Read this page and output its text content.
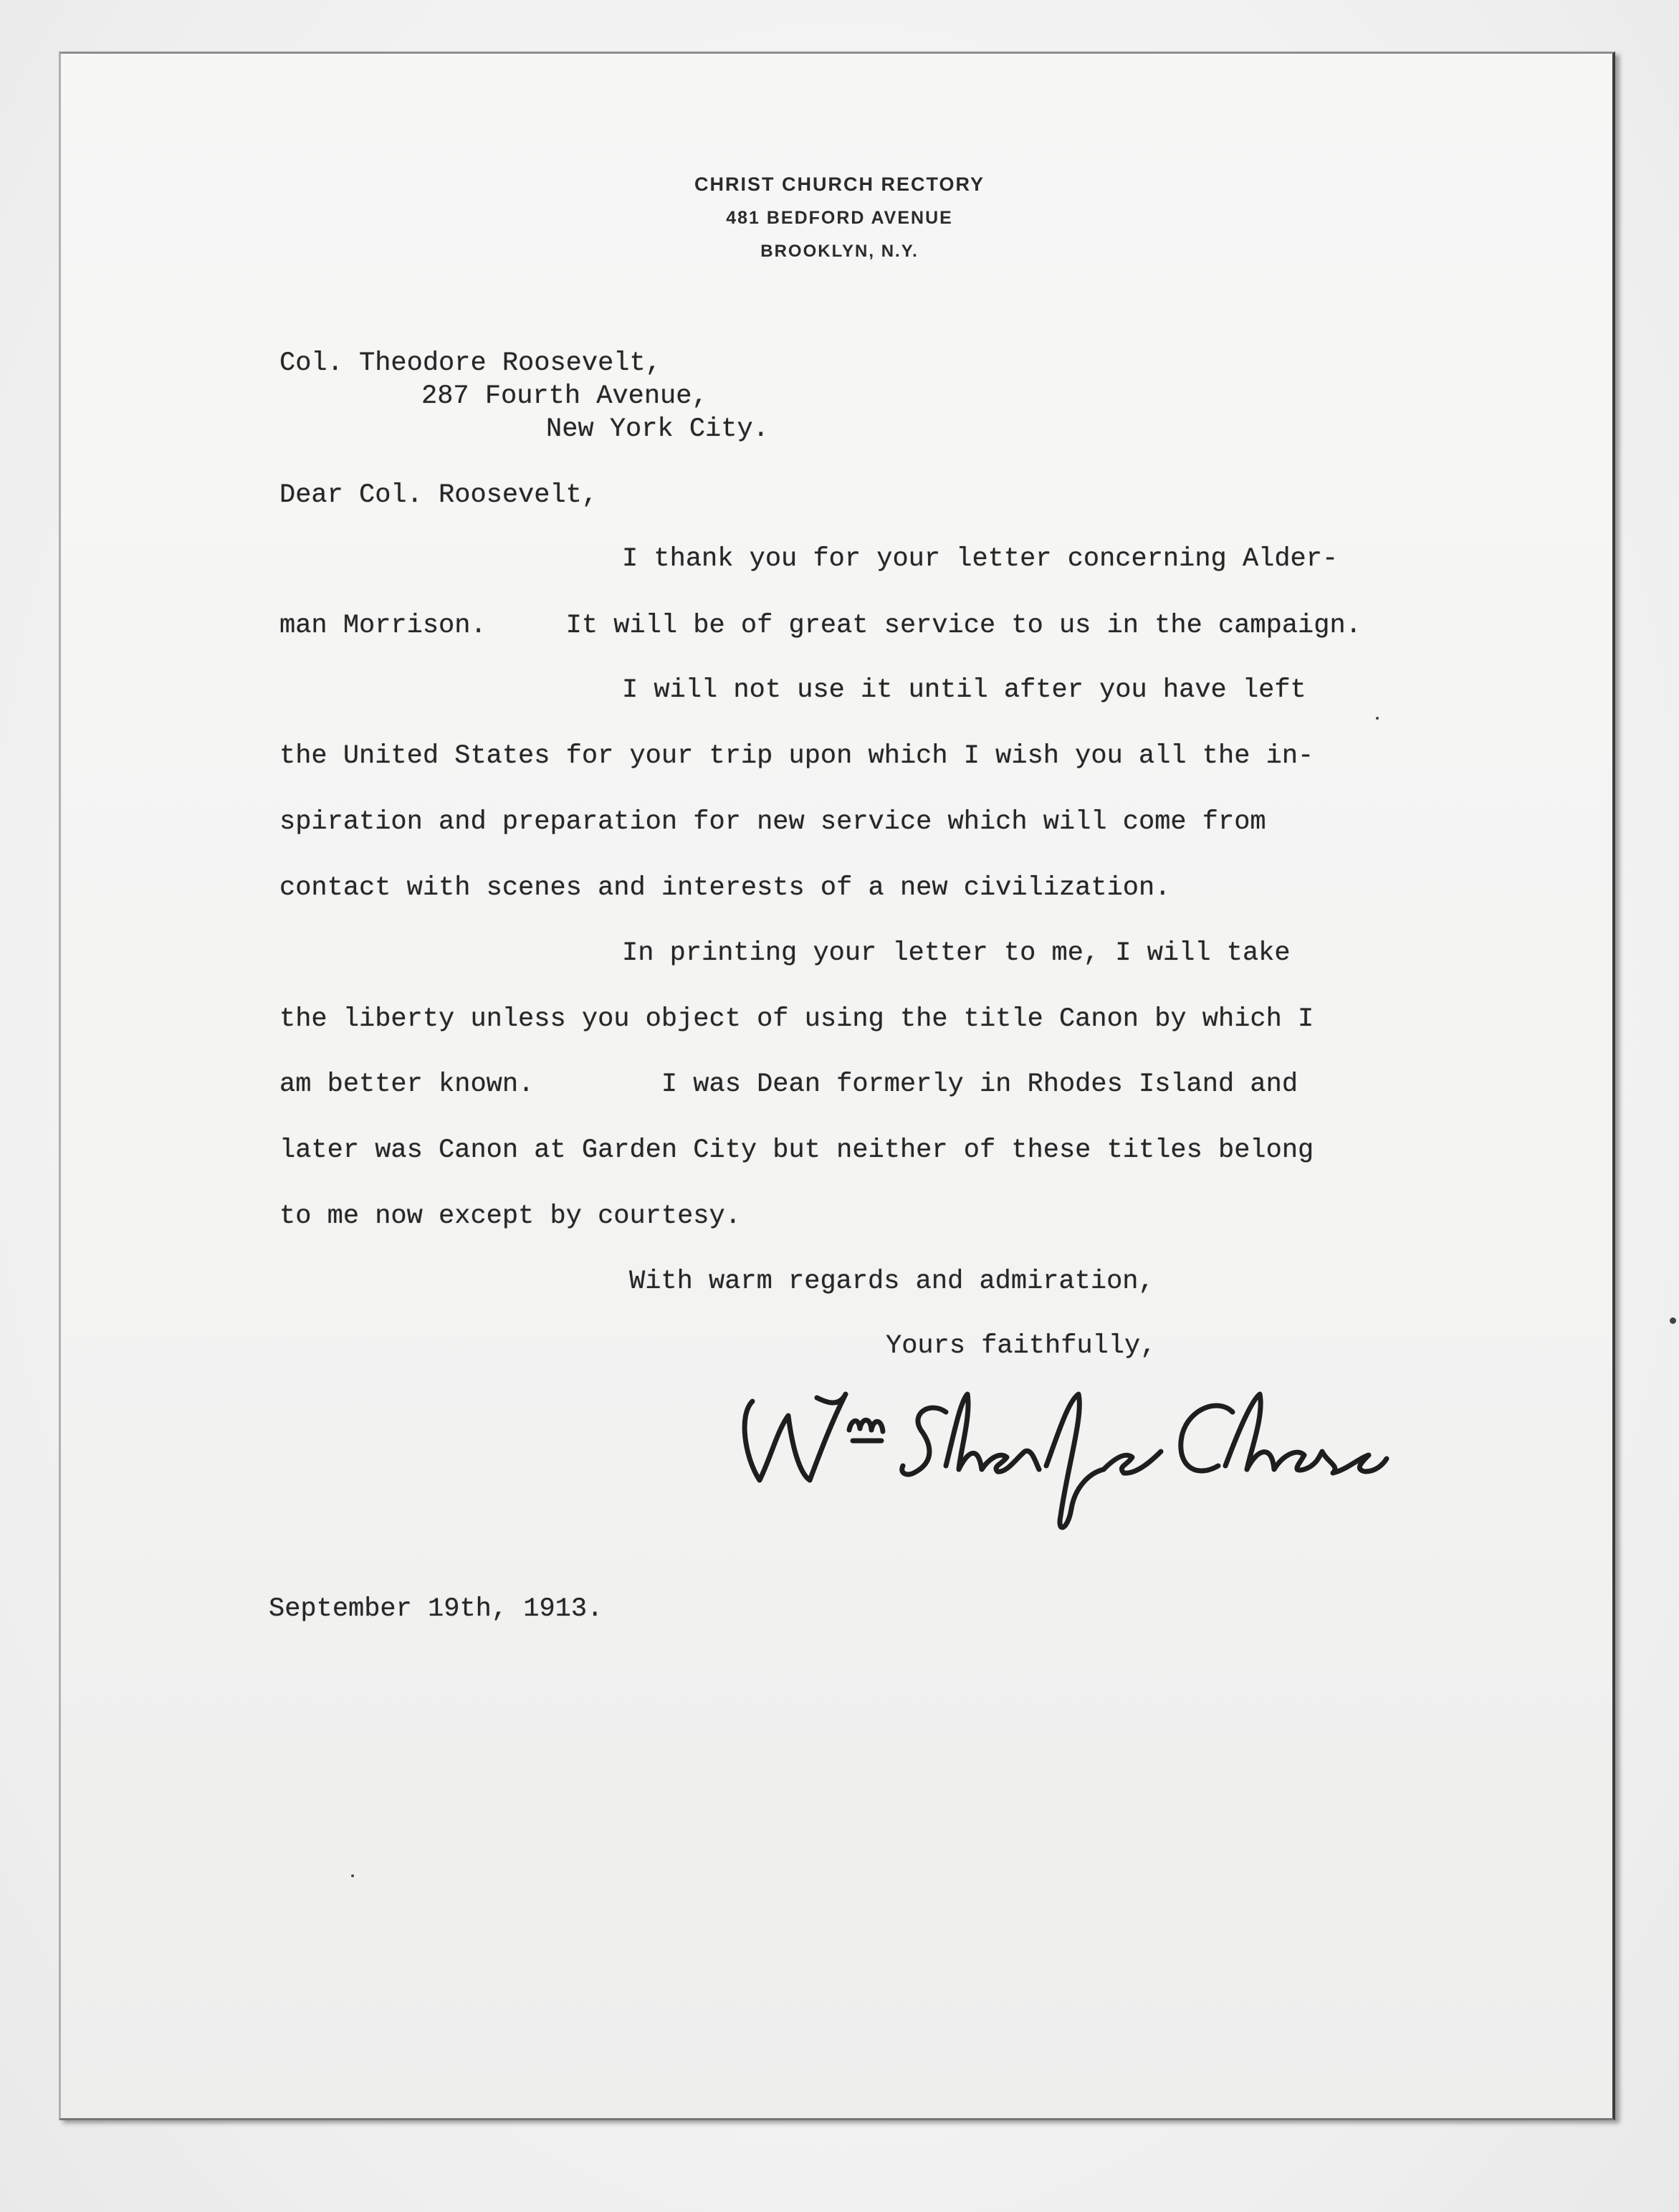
CHRIST CHURCH RECTORY
481 BEDFORD AVENUE
BROOKLYN, N.Y.
Col. Theodore Roosevelt,
287 Fourth Avenue,
New York City.
Dear Col. Roosevelt,
I thank you for your letter concerning Alder-
man Morrison.     It will be of great service to us in the campaign.
I will not use it until after you have left
the United States for your trip upon which I wish you all the in-
spiration and preparation for new service which will come from
contact with scenes and interests of a new civilization.
In printing your letter to me, I will take
the liberty unless you object of using the title Canon by which I
am better known.        I was Dean formerly in Rhodes Island and
later was Canon at Garden City but neither of these titles belong
to me now except by courtesy.
With warm regards and admiration,
Yours faithfully,
September 19th, 1913.
